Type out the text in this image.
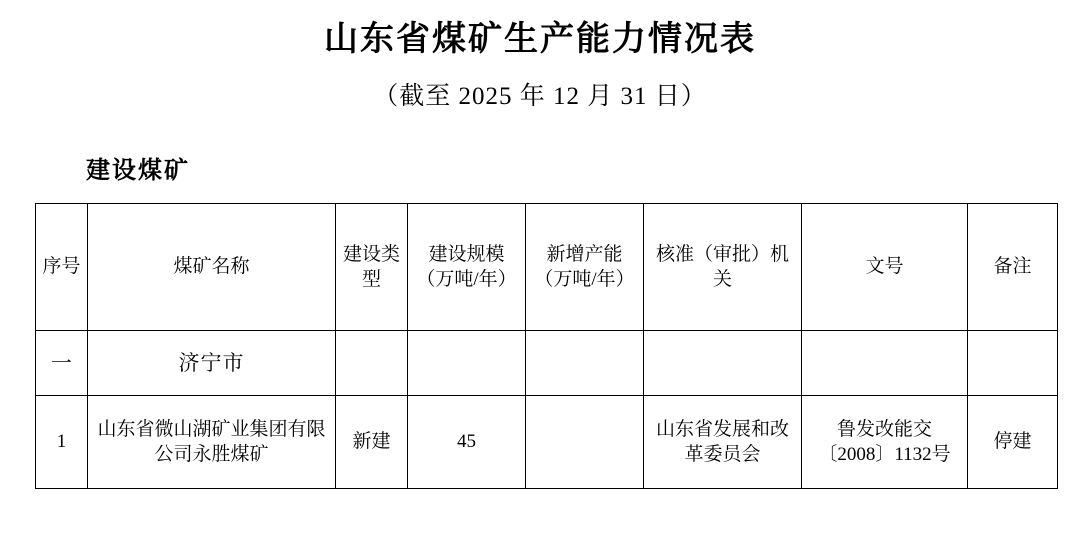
山东省煤矿生产能力情况表
（截至 2025 年 12 月 31 日）
建设煤矿
序号	煤矿名称	建设类型	建设规模（万吨/年）	新增产能（万吨/年）	核准（审批）机关	文号	备注
一	济宁市						
1	山东省微山湖矿业集团有限公司永胜煤矿	新建	45		山东省发展和改革委员会	鲁发改能交〔2008〕1132号	停建
